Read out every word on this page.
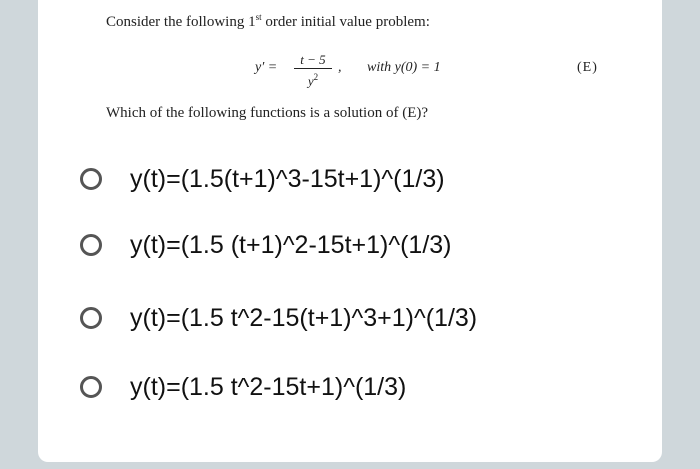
Consider the following 1st order initial value problem:

y′ =
t − 5
$y^2$
, with y(0) = 1	(E)

Which of the following functions is a solution of (E)?

y(t)=(1.5(t+1)^3-15t+1)^(1/3)
y(t)=(1.5 (t+1)^2-15t+1)^(1/3)
y(t)=(1.5 t^2-15(t+1)^3+1)^(1/3)
y(t)=(1.5 t^2-15t+1)^(1/3)
